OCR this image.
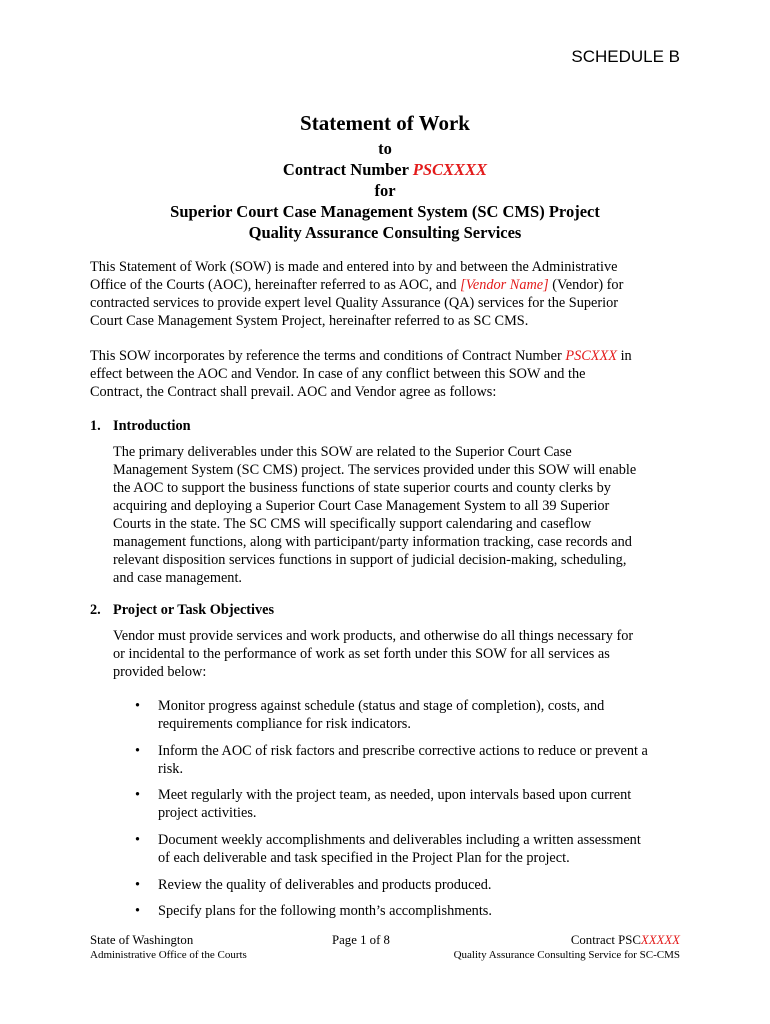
SCHEDULE B
Statement of Work
to
Contract Number PSCXXXX
for
Superior Court Case Management System (SC CMS) Project
Quality Assurance Consulting Services
This Statement of Work (SOW) is made and entered into by and between the Administrative
Office of the Courts (AOC), hereinafter referred to as AOC, and [Vendor Name] (Vendor) for
contracted services to provide expert level Quality Assurance (QA) services for the Superior
Court Case Management System Project, hereinafter referred to as SC CMS.
This SOW incorporates by reference the terms and conditions of Contract Number PSCXXX in
effect between the AOC and Vendor. In case of any conflict between this SOW and the
Contract, the Contract shall prevail. AOC and Vendor agree as follows:
1. Introduction
The primary deliverables under this SOW are related to the Superior Court Case
Management System (SC CMS) project. The services provided under this SOW will enable
the AOC to support the business functions of state superior courts and county clerks by
acquiring and deploying a Superior Court Case Management System to all 39 Superior
Courts in the state. The SC CMS will specifically support calendaring and caseflow
management functions, along with participant/party information tracking, case records and
relevant disposition services functions in support of judicial decision-making, scheduling,
and case management.
2. Project or Task Objectives
Vendor must provide services and work products, and otherwise do all things necessary for
or incidental to the performance of work as set forth under this SOW for all services as
provided below:
• Monitor progress against schedule (status and stage of completion), costs, and
requirements compliance for risk indicators.
• Inform the AOC of risk factors and prescribe corrective actions to reduce or prevent a
risk.
• Meet regularly with the project team, as needed, upon intervals based upon current
project activities.
• Document weekly accomplishments and deliverables including a written assessment
of each deliverable and task specified in the Project Plan for the project.
• Review the quality of deliverables and products produced.
• Specify plans for the following month’s accomplishments.
State of Washington	Page 1 of 8	Contract PSCXXXXX
Administrative Office of the Courts	Quality Assurance Consulting Service for SC-CMS
